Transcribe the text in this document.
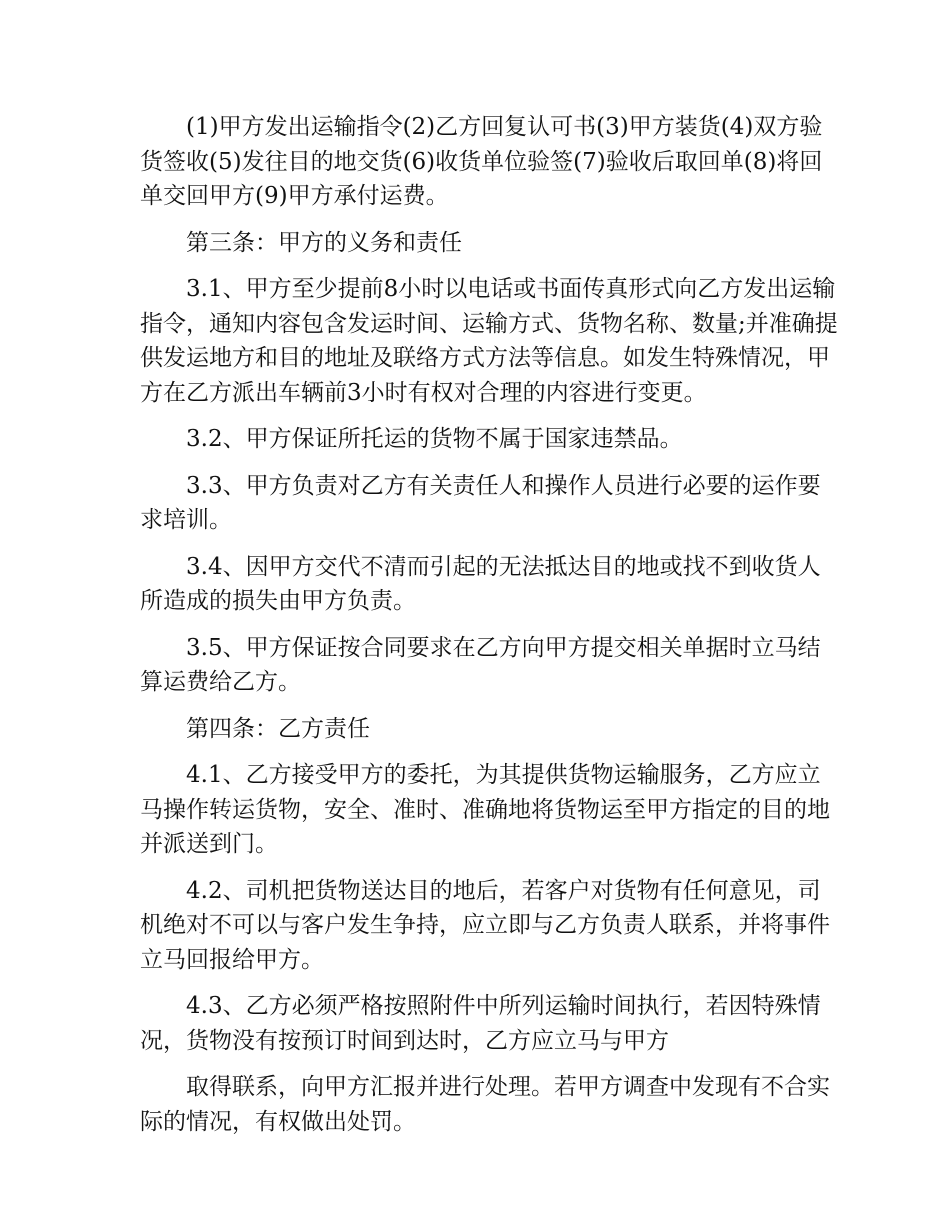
(1)甲方发出运输指令(2)乙方回复认可书(3)甲方装货(4)双方验货签收(5)发往目的地交货(6)收货单位验签(7)验收后取回单(8)将回单交回甲方(9)甲方承付运费。

第三条：甲方的义务和责任

3.1、甲方至少提前8小时以电话或书面传真形式向乙方发出运输指令，通知内容包含发运时间、运输方式、货物名称、数量;并准确提供发运地方和目的地址及联络方式方法等信息。如发生特殊情况，甲方在乙方派出车辆前3小时有权对合理的内容进行变更。

3.2、甲方保证所托运的货物不属于国家违禁品。

3.3、甲方负责对乙方有关责任人和操作人员进行必要的运作要求培训。

3.4、因甲方交代不清而引起的无法抵达目的地或找不到收货人所造成的损失由甲方负责。

3.5、甲方保证按合同要求在乙方向甲方提交相关单据时立马结算运费给乙方。

第四条：乙方责任

4.1、乙方接受甲方的委托，为其提供货物运输服务，乙方应立马操作转运货物，安全、准时、准确地将货物运至甲方指定的目的地并派送到门。

4.2、司机把货物送达目的地后，若客户对货物有任何意见，司机绝对不可以与客户发生争持，应立即与乙方负责人联系，并将事件立马回报给甲方。

4.3、乙方必须严格按照附件中所列运输时间执行，若因特殊情况，货物没有按预订时间到达时，乙方应立马与甲方

取得联系，向甲方汇报并进行处理。若甲方调查中发现有不合实际的情况，有权做出处罚。
